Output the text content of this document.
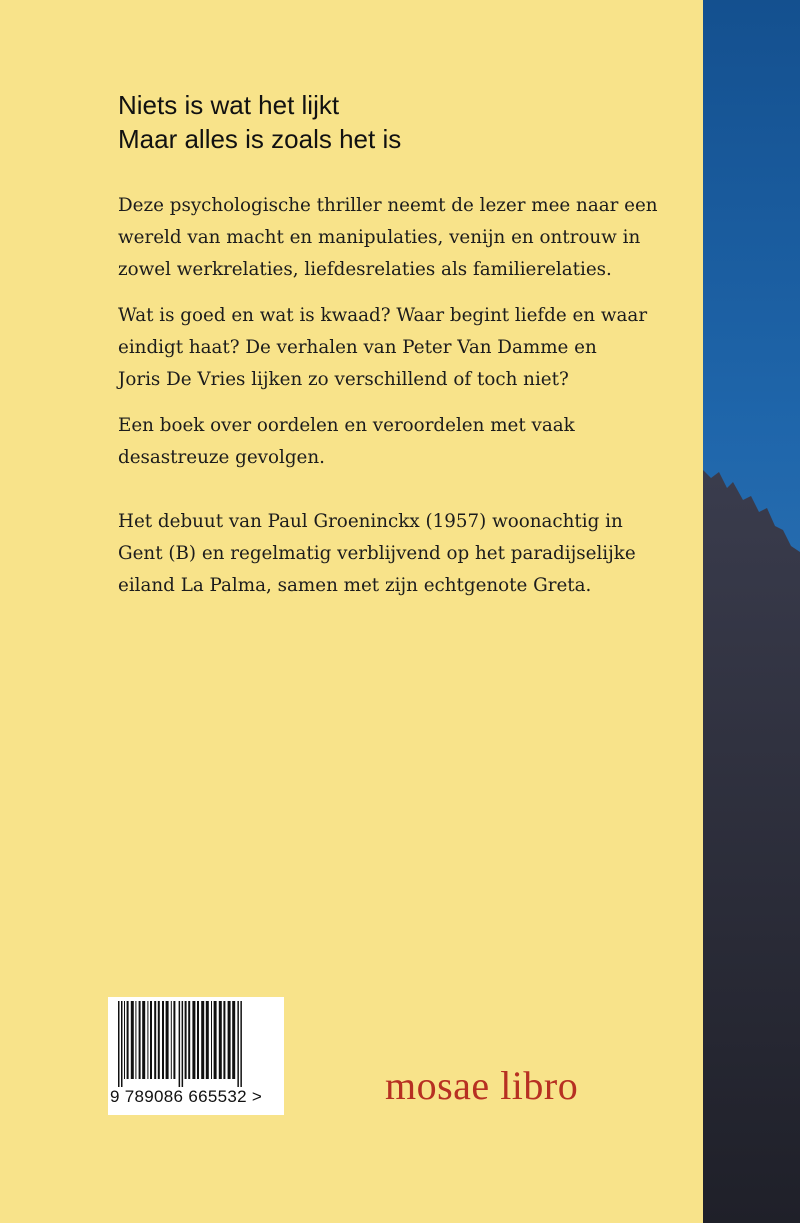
Niets is wat het lijkt
Maar alles is zoals het is

Deze psychologische thriller neemt de lezer mee naar een
wereld van macht en manipulaties, venijn en ontrouw in
zowel werkrelaties, liefdesrelaties als familierelaties.

Wat is goed en wat is kwaad? Waar begint liefde en waar
eindigt haat? De verhalen van Peter Van Damme en
Joris De Vries lijken zo verschillend of toch niet?

Een boek over oordelen en veroordelen met vaak
desastreuze gevolgen.

Het debuut van Paul Groeninckx (1957) woonachtig in
Gent (B) en regelmatig verblijvend op het paradijselijke
eiland La Palma, samen met zijn echtgenote Greta.

9 789086 665532 >	mosae libro
